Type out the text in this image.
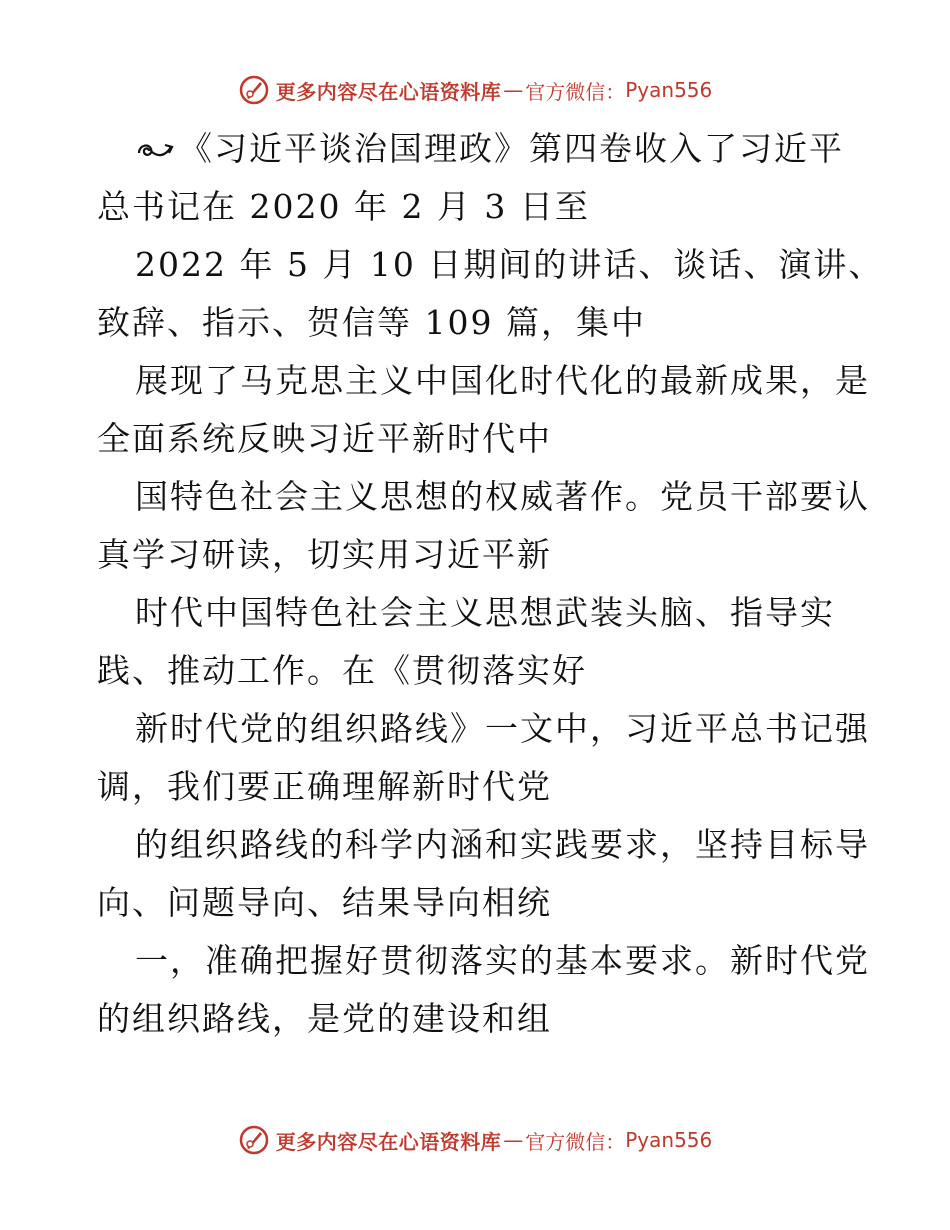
更多内容尽在心语资料库 — 官方微信： Pyan556
《习近平谈治国理政》第四卷收入了习近平
总书记在 2020 年 2 月 3 日至
2022 年 5 月 10 日期间的讲话、谈话、演讲、
致辞、指示、贺信等 109 篇，集中
展现了马克思主义中国化时代化的最新成果，是
全面系统反映习近平新时代中
国特色社会主义思想的权威著作。党员干部要认
真学习研读，切实用习近平新
时代中国特色社会主义思想武装头脑、指导实
践、推动工作。在《贯彻落实好
新时代党的组织路线》一文中，习近平总书记强
调，我们要正确理解新时代党
的组织路线的科学内涵和实践要求，坚持目标导
向、问题导向、结果导向相统
一，准确把握好贯彻落实的基本要求。新时代党
的组织路线，是党的建设和组
更多内容尽在心语资料库 — 官方微信： Pyan556
